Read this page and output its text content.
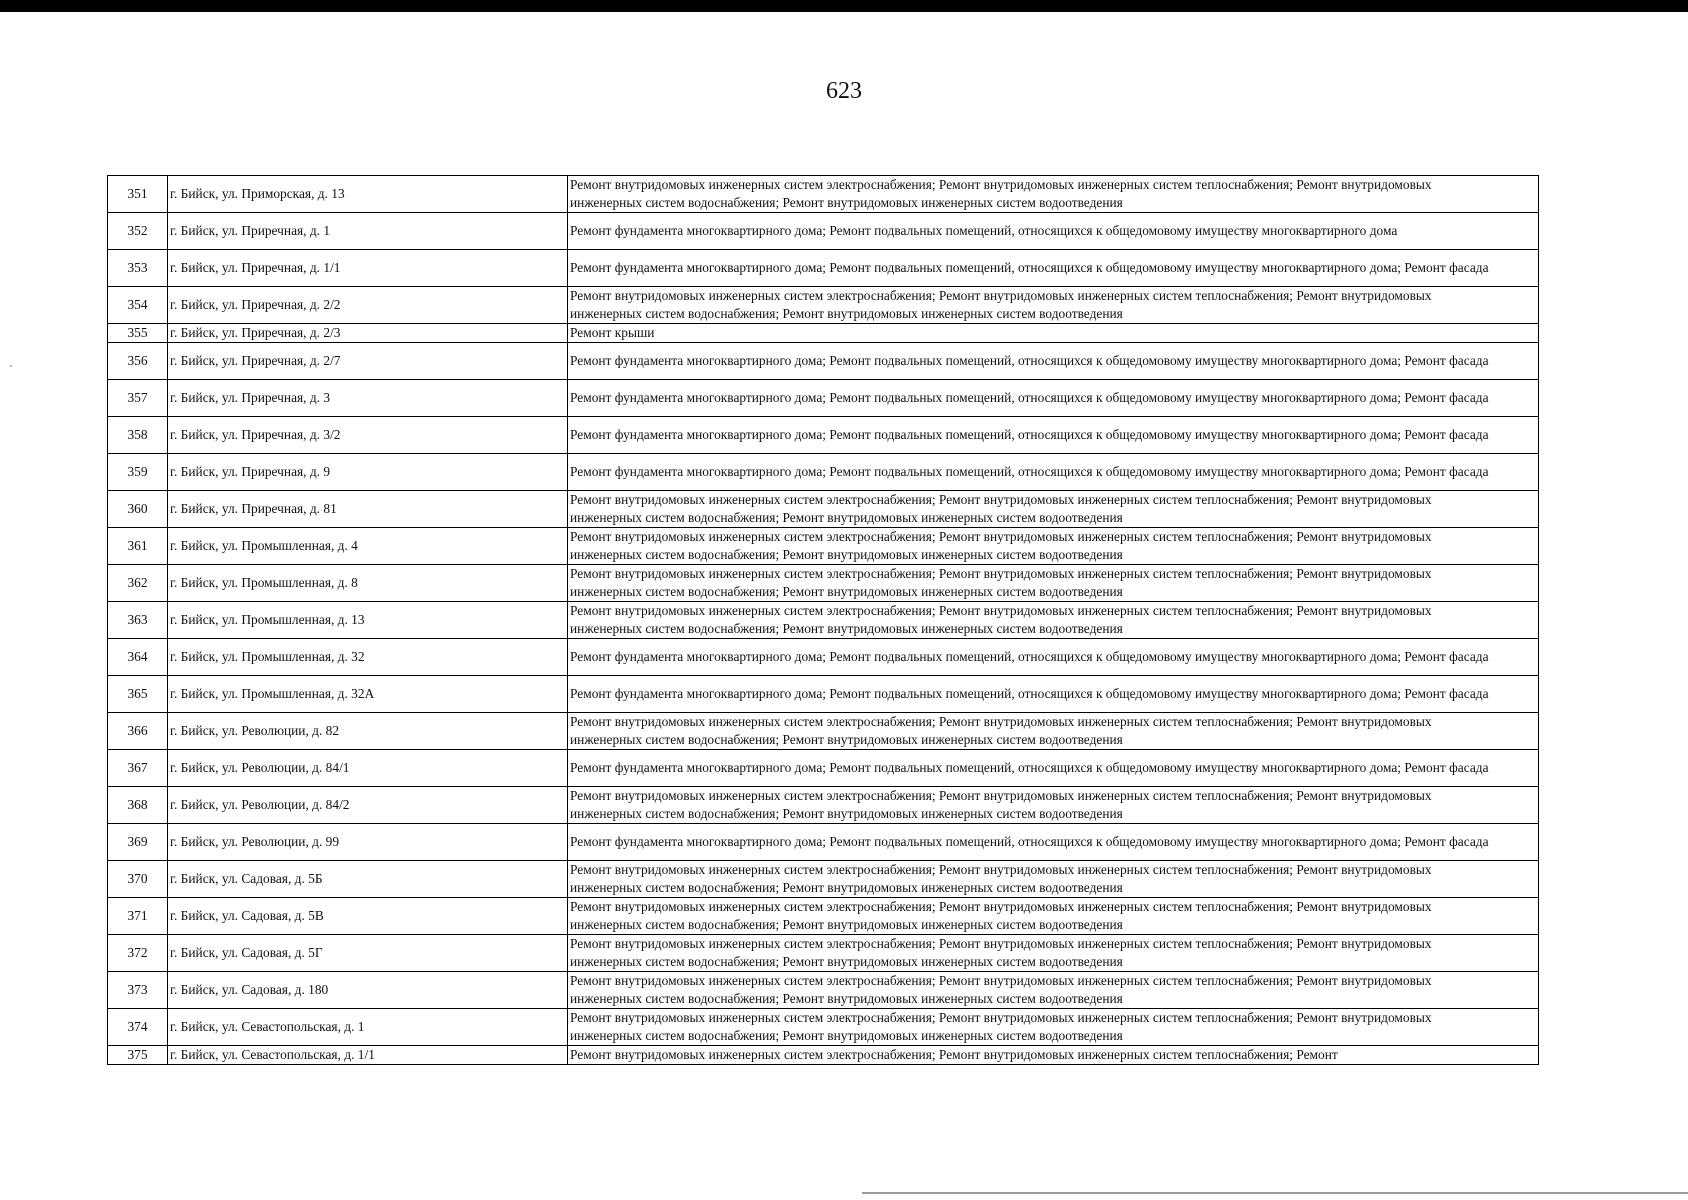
623
351	г. Бийск, ул. Приморская, д. 13	Ремонт внутридомовых инженерных систем электроснабжения; Ремонт внутридомовых инженерных систем теплоснабжения; Ремонт внутридомовых инженерных систем водоснабжения; Ремонт внутридомовых инженерных систем водоотведения

352	г. Бийск, ул. Приречная, д. 1	Ремонт фундамента многоквартирного дома; Ремонт подвальных помещений, относящихся к общедомовому имуществу многоквартирного дома

353	г. Бийск, ул. Приречная, д. 1/1	Ремонт фундамента многоквартирного дома; Ремонт подвальных помещений, относящихся к общедомовому имуществу многоквартирного дома; Ремонт фасада

354	г. Бийск, ул. Приречная, д. 2/2	Ремонт внутридомовых инженерных систем электроснабжения; Ремонт внутридомовых инженерных систем теплоснабжения; Ремонт внутридомовых инженерных систем водоснабжения; Ремонт внутридомовых инженерных систем водоотведения

355	г. Бийск, ул. Приречная, д. 2/3	Ремонт крыши

356	г. Бийск, ул. Приречная, д. 2/7	Ремонт фундамента многоквартирного дома; Ремонт подвальных помещений, относящихся к общедомовому имуществу многоквартирного дома; Ремонт фасада

357	г. Бийск, ул. Приречная, д. 3	Ремонт фундамента многоквартирного дома; Ремонт подвальных помещений, относящихся к общедомовому имуществу многоквартирного дома; Ремонт фасада

358	г. Бийск, ул. Приречная, д. 3/2	Ремонт фундамента многоквартирного дома; Ремонт подвальных помещений, относящихся к общедомовому имуществу многоквартирного дома; Ремонт фасада

359	г. Бийск, ул. Приречная, д. 9	Ремонт фундамента многоквартирного дома; Ремонт подвальных помещений, относящихся к общедомовому имуществу многоквартирного дома; Ремонт фасада

360	г. Бийск, ул. Приречная, д. 81	Ремонт внутридомовых инженерных систем электроснабжения; Ремонт внутридомовых инженерных систем теплоснабжения; Ремонт внутридомовых инженерных систем водоснабжения; Ремонт внутридомовых инженерных систем водоотведения

361	г. Бийск, ул. Промышленная, д. 4	Ремонт внутридомовых инженерных систем электроснабжения; Ремонт внутридомовых инженерных систем теплоснабжения; Ремонт внутридомовых инженерных систем водоснабжения; Ремонт внутридомовых инженерных систем водоотведения

362	г. Бийск, ул. Промышленная, д. 8	Ремонт внутридомовых инженерных систем электроснабжения; Ремонт внутридомовых инженерных систем теплоснабжения; Ремонт внутридомовых инженерных систем водоснабжения; Ремонт внутридомовых инженерных систем водоотведения

363	г. Бийск, ул. Промышленная, д. 13	Ремонт внутридомовых инженерных систем электроснабжения; Ремонт внутридомовых инженерных систем теплоснабжения; Ремонт внутридомовых инженерных систем водоснабжения; Ремонт внутридомовых инженерных систем водоотведения

364	г. Бийск, ул. Промышленная, д. 32	Ремонт фундамента многоквартирного дома; Ремонт подвальных помещений, относящихся к общедомовому имуществу многоквартирного дома; Ремонт фасада

365	г. Бийск, ул. Промышленная, д. 32А	Ремонт фундамента многоквартирного дома; Ремонт подвальных помещений, относящихся к общедомовому имуществу многоквартирного дома; Ремонт фасада

366	г. Бийск, ул. Революции, д. 82	Ремонт внутридомовых инженерных систем электроснабжения; Ремонт внутридомовых инженерных систем теплоснабжения; Ремонт внутридомовых инженерных систем водоснабжения; Ремонт внутридомовых инженерных систем водоотведения

367	г. Бийск, ул. Революции, д. 84/1	Ремонт фундамента многоквартирного дома; Ремонт подвальных помещений, относящихся к общедомовому имуществу многоквартирного дома; Ремонт фасада

368	г. Бийск, ул. Революции, д. 84/2	Ремонт внутридомовых инженерных систем электроснабжения; Ремонт внутридомовых инженерных систем теплоснабжения; Ремонт внутридомовых инженерных систем водоснабжения; Ремонт внутридомовых инженерных систем водоотведения

369	г. Бийск, ул. Революции, д. 99	Ремонт фундамента многоквартирного дома; Ремонт подвальных помещений, относящихся к общедомовому имуществу многоквартирного дома; Ремонт фасада

370	г. Бийск, ул. Садовая, д. 5Б	Ремонт внутридомовых инженерных систем электроснабжения; Ремонт внутридомовых инженерных систем теплоснабжения; Ремонт внутридомовых инженерных систем водоснабжения; Ремонт внутридомовых инженерных систем водоотведения

371	г. Бийск, ул. Садовая, д. 5В	Ремонт внутридомовых инженерных систем электроснабжения; Ремонт внутридомовых инженерных систем теплоснабжения; Ремонт внутридомовых инженерных систем водоснабжения; Ремонт внутридомовых инженерных систем водоотведения

372	г. Бийск, ул. Садовая, д. 5Г	Ремонт внутридомовых инженерных систем электроснабжения; Ремонт внутридомовых инженерных систем теплоснабжения; Ремонт внутридомовых инженерных систем водоснабжения; Ремонт внутридомовых инженерных систем водоотведения

373	г. Бийск, ул. Садовая, д. 180	Ремонт внутридомовых инженерных систем электроснабжения; Ремонт внутридомовых инженерных систем теплоснабжения; Ремонт внутридомовых инженерных систем водоснабжения; Ремонт внутридомовых инженерных систем водоотведения

374	г. Бийск, ул. Севастопольская, д. 1	Ремонт внутридомовых инженерных систем электроснабжения; Ремонт внутридомовых инженерных систем теплоснабжения; Ремонт внутридомовых инженерных систем водоснабжения; Ремонт внутридомовых инженерных систем водоотведения

375	г. Бийск, ул. Севастопольская, д. 1/1	Ремонт внутридомовых инженерных систем электроснабжения; Ремонт внутридомовых инженерных систем теплоснабжения; Ремонт
